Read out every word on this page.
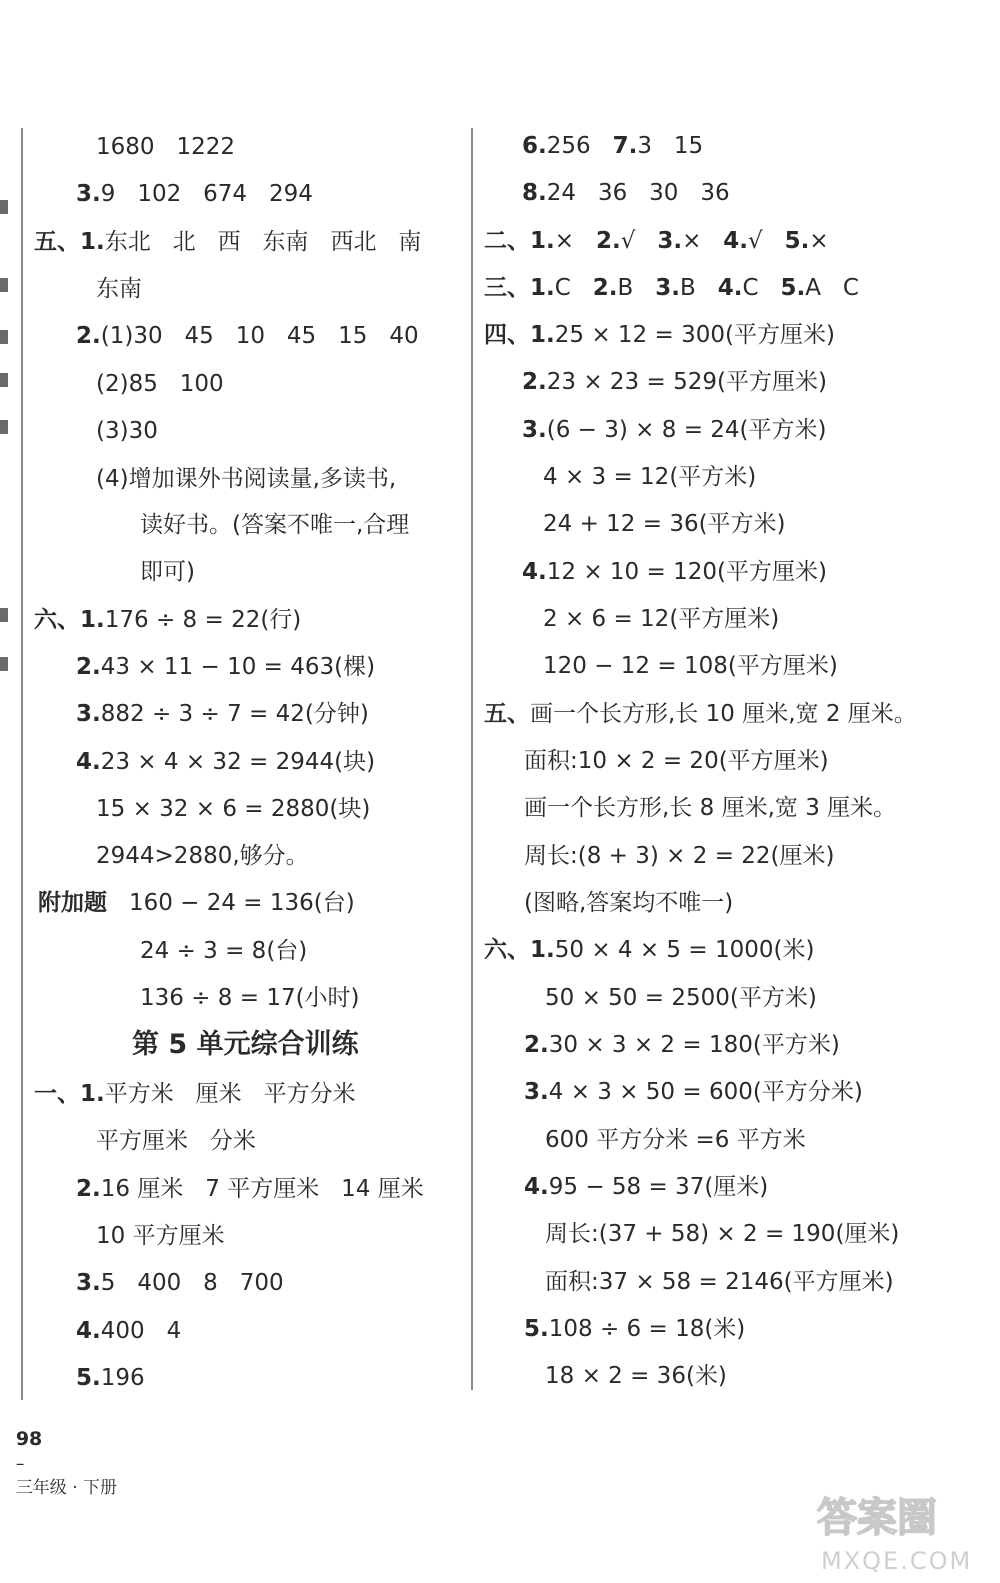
1680   1222
3.9   102   674   294
五、1.东北   北   西   东南   西北   南
东南
2.(1)30   45   10   45   15   40
(2)85   100
(3)30
(4)增加课外书阅读量,多读书,
读好书。(答案不唯一,合理
即可)
六、1.176 ÷ 8 = 22(行)
2.43 × 11 − 10 = 463(棵)
3.882 ÷ 3 ÷ 7 = 42(分钟)
4.23 × 4 × 32 = 2944(块)
15 × 32 × 6 = 2880(块)
2944>2880,够分。
附加题 160 − 24 = 136(台)
24 ÷ 3 = 8(台)
136 ÷ 8 = 17(小时)
第 5 单元综合训练
一、1.平方米   厘米   平方分米
平方厘米   分米
2.16 厘米   7 平方厘米   14 厘米
10 平方厘米
3.5   400   8   700
4.400   4
5.196
6.256   7.3   15
8.24   36   30   36
二、1.×   2.√   3.×   4.√   5.×
三、1.C   2.B   3.B   4.C   5.A   C
四、1.25 × 12 = 300(平方厘米)
2.23 × 23 = 529(平方厘米)
3.(6 − 3) × 8 = 24(平方米)
4 × 3 = 12(平方米)
24 + 12 = 36(平方米)
4.12 × 10 = 120(平方厘米)
2 × 6 = 12(平方厘米)
120 − 12 = 108(平方厘米)
五、画一个长方形,长 10 厘米,宽 2 厘米。
面积:10 × 2 = 20(平方厘米)
画一个长方形,长 8 厘米,宽 3 厘米。
周长:(8 + 3) × 2 = 22(厘米)
(图略,答案均不唯一)
六、1.50 × 4 × 5 = 1000(米)
50 × 50 = 2500(平方米)
2.30 × 3 × 2 = 180(平方米)
3.4 × 3 × 50 = 600(平方分米)
600 平方分米 =6 平方米
4.95 − 58 = 37(厘米)
周长:(37 + 58) × 2 = 190(厘米)
面积:37 × 58 = 2146(平方厘米)
5.108 ÷ 6 = 18(米)
18 × 2 = 36(米)

98
–
三年级 · 下册

答案圈
MXQE.COM
